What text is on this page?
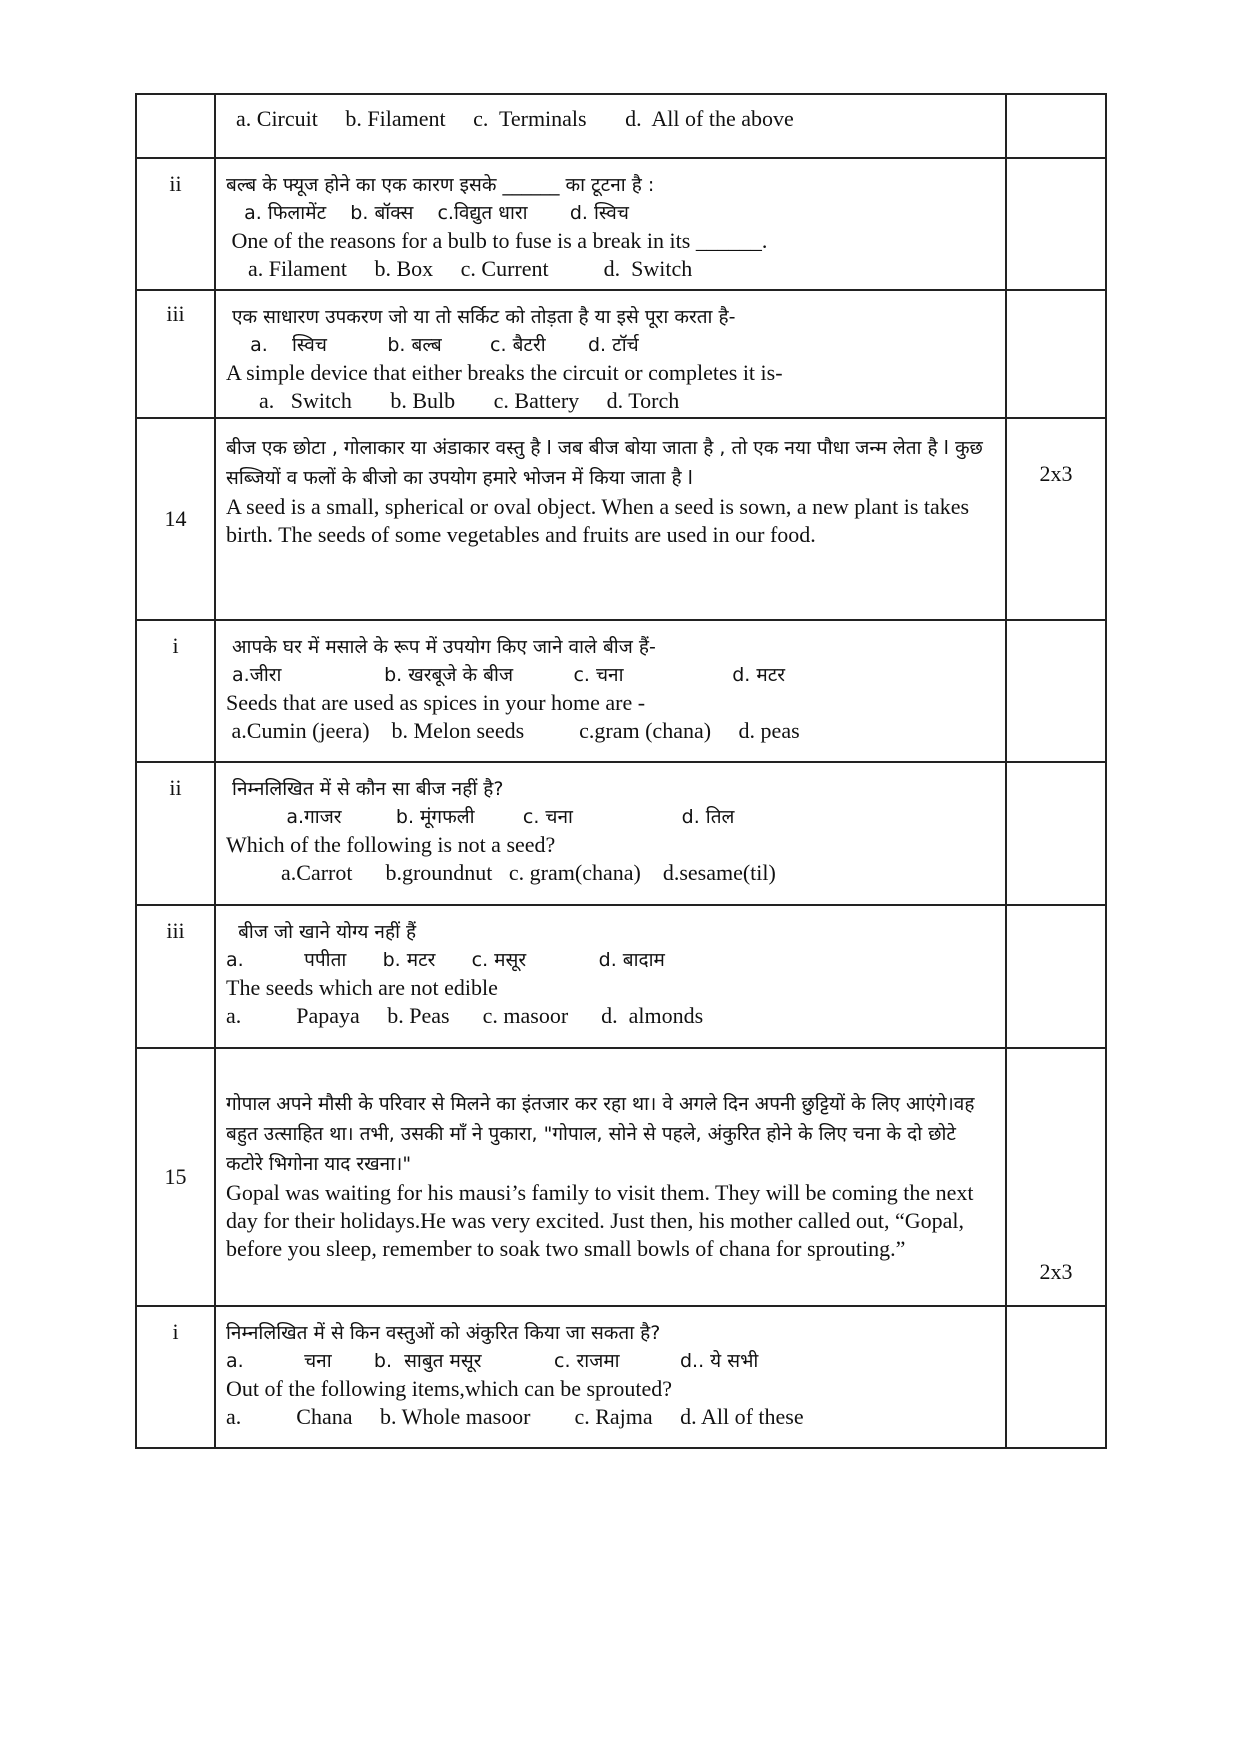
	a. Circuit     b. Filament     c.  Terminals       d.  All of the above	

ii	बल्ब के फ्यूज होने का एक कारण इसके ______ का टूटना है :
a. फिलामेंट    b. बॉक्स    c.विद्युत धारा       d. स्विच
One of the reasons for a bulb to fuse is a break in its ______.
a. Filament     b. Box     c. Current          d.  Switch	

iii	एक साधारण उपकरण जो या तो सर्किट को तोड़ता है या इसे पूरा करता है-
a.    स्विच          b. बल्ब        c. बैटरी       d. टॉर्च
A simple device that either breaks the circuit or completes it is-
a.   Switch       b. Bulb       c. Battery     d. Torch	

14	बीज एक छोटा , गोलाकार या अंडाकार वस्तु है l जब बीज बोया जाता है , तो एक नया पौधा जन्म लेता है l कुछ सब्जियों व फलों के बीजो का उपयोग हमारे भोजन में किया जाता है l
A seed is a small, spherical or oval object. When a seed is sown, a new plant is takes birth. The seeds of some vegetables and fruits are used in our food.	2x3
i	आपके घर में मसाले के रूप में उपयोग किए जाने वाले बीज हैं-
a.जीरा                 b. खरबूजे के बीज          c. चना                  d. मटर
Seeds that are used as spices in your home are -
a.Cumin (jeera)    b. Melon seeds          c.gram (chana)     d. peas	

ii	निम्नलिखित में से कौन सा बीज नहीं है?
a.गाजर         b. मूंगफली        c. चना                  d. तिल
Which of the following is not a seed?
a.Carrot      b.groundnut   c. gram(chana)    d.sesame(til)	

iii	बीज जो खाने योग्य नहीं हैं
a.          पपीता      b. मटर      c. मसूर            d. बादाम
The seeds which are not edible
a.          Papaya     b. Peas      c. masoor      d.  almonds	

15	गोपाल अपने मौसी के परिवार से मिलने का इंतजार कर रहा था। वे अगले दिन अपनी छुट्टियों के लिए आएंगे।वह बहुत उत्साहित था। तभी, उसकी माँ ने पुकारा, "गोपाल, सोने से पहले, अंकुरित होने के लिए चना के दो छोटे कटोरे भिगोना याद रखना।"
Gopal was waiting for his mausi’s family to visit them. They will be coming the next day for their holidays.He was very excited. Just then, his mother called out, “Gopal, before you sleep, remember to soak two small bowls of chana for sprouting.”	2x3
i	निम्नलिखित में से किन वस्तुओं को अंकुरित किया जा सकता है?
a.          चना       b.  साबुत मसूर            c. राजमा          d.. ये सभी
Out of the following items,which can be sprouted?
a.          Chana     b. Whole masoor        c. Rajma     d. All of these	
